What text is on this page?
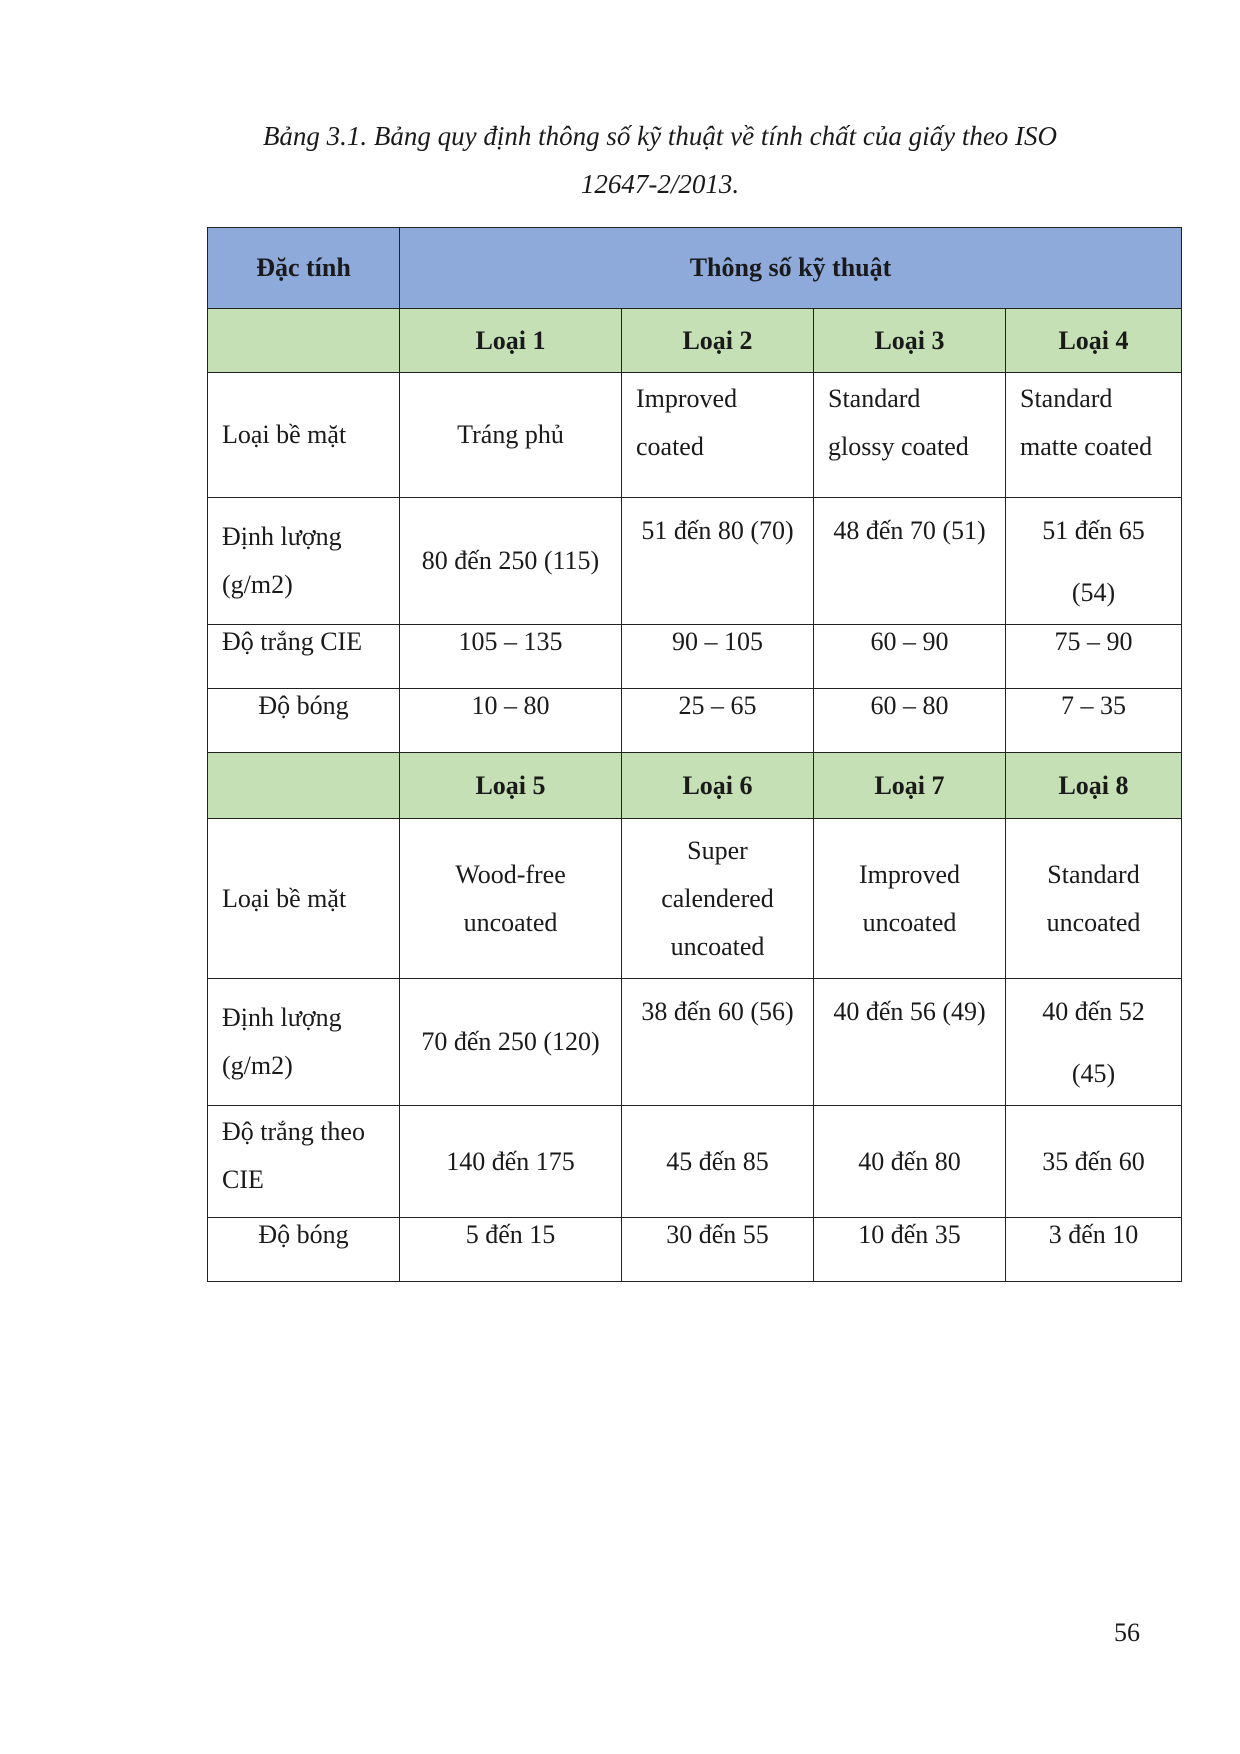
Bảng 3.1. Bảng quy định thông số kỹ thuật về tính chất của giấy theo ISO
12647-2/2013.
Đặc tính	Thông số kỹ thuật			
	Loại 1	Loại 2	Loại 3	Loại 4
Loại bề mặt	Tráng phủ	Improved coated	Standard glossy coated	Standard matte coated
Định lượng (g/m2)	80 đến 250 (115)	51 đến 80 (70)	48 đến 70 (51)	51 đến 65 (54)
Độ trắng CIE	105 – 135	90 – 105	60 – 90	75 – 90
Độ bóng	10 – 80	25 – 65	60 – 80	7 – 35
	Loại 5	Loại 6	Loại 7	Loại 8
Loại bề mặt	Wood-free uncoated	Super calendered uncoated	Improved uncoated	Standard uncoated
Định lượng (g/m2)	70 đến 250 (120)	38 đến 60 (56)	40 đến 56 (49)	40 đến 52 (45)
Độ trắng theo CIE	140 đến 175	45 đến 85	40 đến 80	35 đến 60
Độ bóng	5 đến 15	30 đến 55	10 đến 35	3 đến 10
56
